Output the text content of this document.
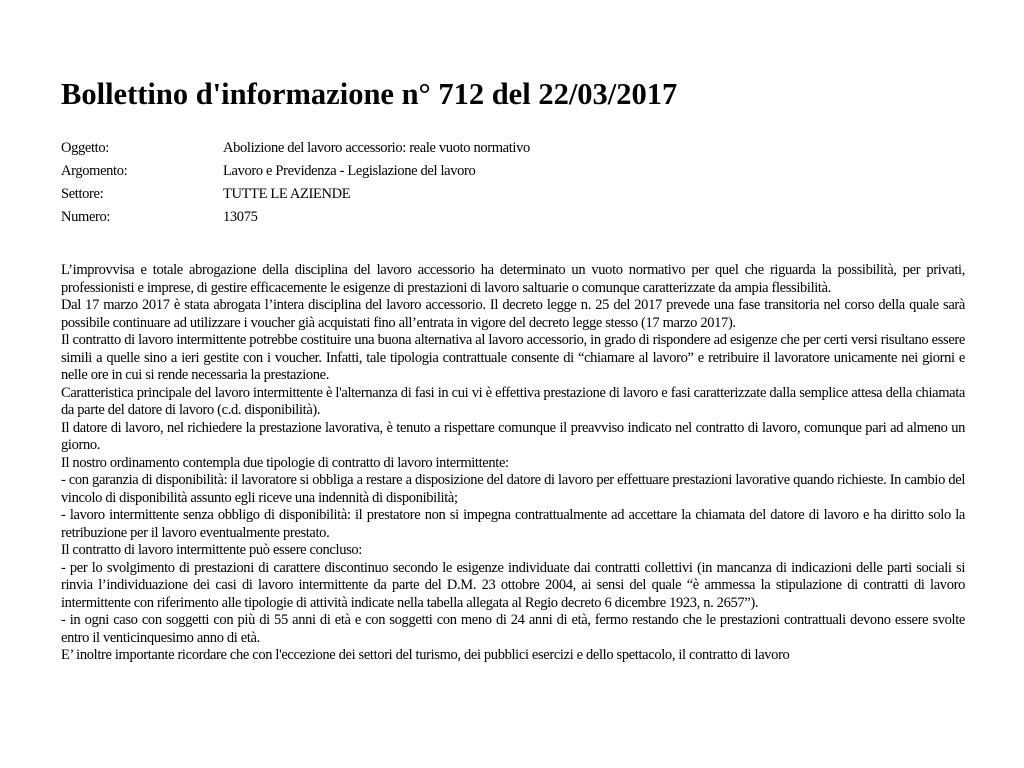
Bollettino d'informazione n° 712 del 22/03/2017
Oggetto:	Abolizione del lavoro accessorio: reale vuoto normativo
Argomento:	Lavoro e Previdenza - Legislazione del lavoro
Settore:	TUTTE LE AZIENDE
Numero:	13075

L’improvvisa e totale abrogazione della disciplina del lavoro accessorio ha determinato un vuoto normativo per quel che riguarda la possibilità, per privati, professionisti e imprese, di gestire efficacemente le esigenze di prestazioni di lavoro saltuarie o comunque caratterizzate da ampia flessibilità.

Dal 17 marzo 2017 è stata abrogata l’intera disciplina del lavoro accessorio. Il decreto legge n. 25 del 2017 prevede una fase transitoria nel corso della quale sarà possibile continuare ad utilizzare i voucher già acquistati fino all’entrata in vigore del decreto legge stesso (17 marzo 2017).

Il contratto di lavoro intermittente potrebbe costituire una buona alternativa al lavoro accessorio, in grado di rispondere ad esigenze che per certi versi risultano essere simili a quelle sino a ieri gestite con i voucher. Infatti, tale tipologia contrattuale consente di “chiamare al lavoro” e retribuire il lavoratore unicamente nei giorni e nelle ore in cui si rende necessaria la prestazione.

Caratteristica principale del lavoro intermittente è l'alternanza di fasi in cui vi è effettiva prestazione di lavoro e fasi caratterizzate dalla semplice attesa della chiamata da parte del datore di lavoro (c.d. disponibilità).

Il datore di lavoro, nel richiedere la prestazione lavorativa, è tenuto a rispettare comunque il preavviso indicato nel contratto di lavoro, comunque pari ad almeno un giorno.

Il nostro ordinamento contempla due tipologie di contratto di lavoro intermittente:

- con garanzia di disponibilità: il lavoratore si obbliga a restare a disposizione del datore di lavoro per effettuare prestazioni lavorative quando richieste. In cambio del vincolo di disponibilità assunto egli riceve una indennità di disponibilità;

- lavoro intermittente senza obbligo di disponibilità: il prestatore non si impegna contrattualmente ad accettare la chiamata del datore di lavoro e ha diritto solo la retribuzione per il lavoro eventualmente prestato.

Il contratto di lavoro intermittente può essere concluso:

- per lo svolgimento di prestazioni di carattere discontinuo secondo le esigenze individuate dai contratti collettivi (in mancanza di indicazioni delle parti sociali si rinvia l’individuazione dei casi di lavoro intermittente da parte del D.M. 23 ottobre 2004, ai sensi del quale “è ammessa la stipulazione di contratti di lavoro intermittente con riferimento alle tipologie di attività indicate nella tabella allegata al Regio decreto 6 dicembre 1923, n. 2657”).

- in ogni caso con soggetti con più di 55 anni di età e con soggetti con meno di 24 anni di età, fermo restando che le prestazioni contrattuali devono essere svolte entro il venticinquesimo anno di età.

E’ inoltre importante ricordare che con l'eccezione dei settori del turismo, dei pubblici esercizi e dello spettacolo, il contratto di lavoro
